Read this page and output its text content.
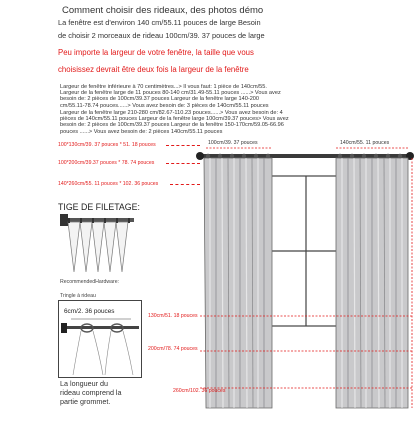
Comment choisir des rideaux, des photos démo
La fenêtre est d'environ 140 cm/55.11 pouces de large Besoin
de choisir 2 morceaux de rideau 100cm/39. 37 pouces de large
Peu importe la largeur de votre fenêtre, la taille que vous
choisissez devrait être deux fois la largeur de la fenêtre
Largeur de fenêtre inférieure à 70 centimètres...> Il vous faut: 1 pièce de 140cm/55.
Largeur de la fenêtre large de 11 pouces 80-140 cm/31.49-55.11 pouces ......> Vous avez
besoin de: 2 pièces de 100cm/39.37 pouces Largeur de la fenêtre large 140-200
cm/55.11-78.74 pouces......> Vous avez besoin de: 3 pièces de 140cm/55.11 pouces
Largeur de la fenêtre large 210-280 cm/82.67-110.23 pouces......> Vous avez besoin de: 4
pièces de 140cm/55.11 pouces Largeur de la fenêtre large 100cm/39.37 pouces> Vous avez
besoin de: 2 pièces de 100cm/39.37 pouces Largeur de la fenêtre 150-170cm/59.05-66.96
pouces ......> Vous avez besoin de: 2 pièces 140cm/55.11 pouces
100*130cm/39. 37 pouces * 51. 18 pouces
100*200cm/39.37 pouces * 78. 74 pouces
140*260cm/55. 11 pouces * 102. 36 pouces
TIGE DE FILETAGE:
RecommendedHardware:
Tringle à rideau
6cm/2. 36 pouces
La longueur du
rideau comprend la
partie grommet.
100cm/39. 37 pouces	140cm/55. 11 pouces
130cm/51. 18 pouces
200cm/78. 74 pouces
260cm/102. 36 pouces
